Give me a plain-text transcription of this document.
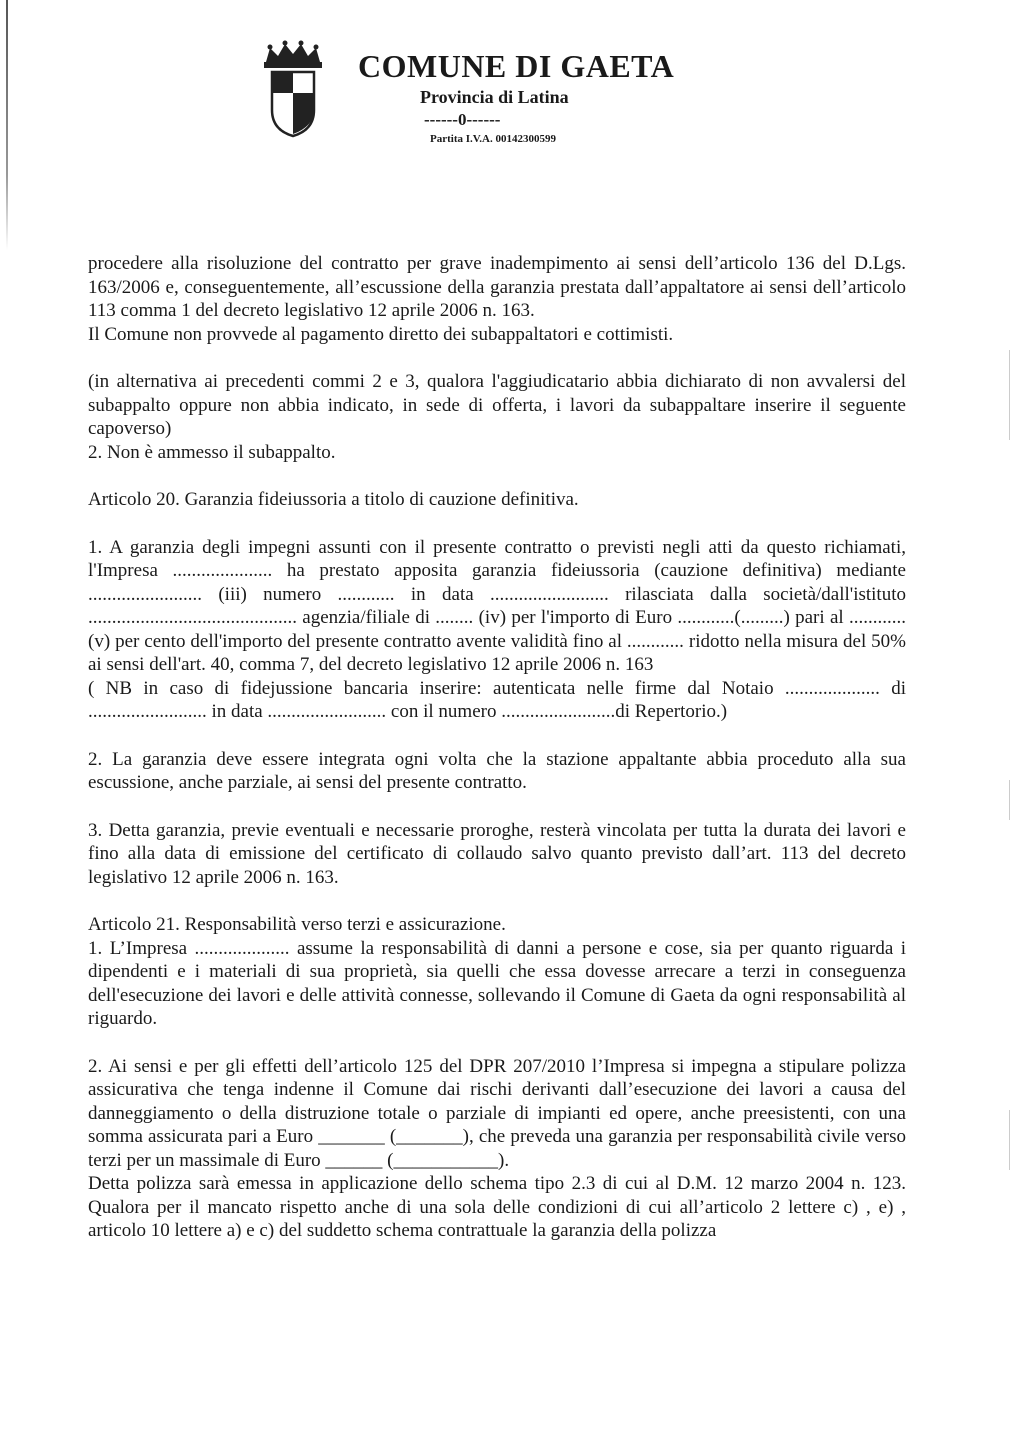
COMUNE DI GAETA
Provincia di Latina
------0------
Partita I.V.A. 00142300599

procedere alla risoluzione del contratto per grave inadempimento ai sensi dell’articolo 136 del D.Lgs. 163/2006 e, conseguentemente, all’escussione della garanzia prestata dall’appaltatore ai sensi dell’articolo 113 comma 1 del decreto legislativo 12 aprile 2006 n. 163.

Il Comune non provvede al pagamento diretto dei subappaltatori e cottimisti.

(in alternativa ai precedenti commi 2 e 3, qualora l'aggiudicatario abbia dichiarato di non avvalersi del subappalto oppure non abbia indicato, in sede di offerta, i lavori da subappaltare inserire il seguente capoverso)

2. Non è ammesso il subappalto.

Articolo 20. Garanzia fideiussoria a titolo di cauzione definitiva.

1. A garanzia degli impegni assunti con il presente contratto o previsti negli atti da questo richiamati, l'Impresa ..................... ha prestato apposita garanzia fideiussoria (cauzione definitiva) mediante ........................ (iii) numero ............ in data ......................... rilasciata dalla società/dall'istituto ............................................ agenzia/filiale di ........ (iv) per l'importo di Euro ............(.........) pari al ............ (v) per cento dell'importo del presente contratto avente validità fino al ............ ridotto nella misura del 50% ai sensi dell'art. 40, comma 7, del decreto legislativo 12 aprile 2006 n. 163

( NB in caso di fidejussione bancaria inserire: autenticata nelle firme dal Notaio .................... di ......................... in data ......................... con il numero ........................di Repertorio.)

2. La garanzia deve essere integrata ogni volta che la stazione appaltante abbia proceduto alla sua escussione, anche parziale, ai sensi del presente contratto.

3. Detta garanzia, previe eventuali e necessarie proroghe, resterà vincolata per tutta la durata dei lavori e fino alla data di emissione del certificato di collaudo salvo quanto previsto dall’art. 113 del decreto legislativo 12 aprile 2006 n. 163.

Articolo 21. Responsabilità verso terzi e assicurazione.

1. L’Impresa .................... assume la responsabilità di danni a persone e cose, sia per quanto riguarda i dipendenti e i materiali di sua proprietà, sia quelli che essa dovesse arrecare a terzi in conseguenza dell'esecuzione dei lavori e delle attività connesse, sollevando il Comune di Gaeta da ogni responsabilità al riguardo.

2. Ai sensi e per gli effetti dell’articolo 125 del DPR 207/2010 l’Impresa si impegna a stipulare polizza assicurativa che tenga indenne il Comune dai rischi derivanti dall’esecuzione dei lavori a causa del danneggiamento o della distruzione totale o parziale di impianti ed opere, anche preesistenti, con una somma assicurata pari a Euro _______ (_______), che preveda una garanzia per responsabilità civile verso terzi per un massimale di Euro ______ (___________).

Detta polizza sarà emessa in applicazione dello schema tipo 2.3 di cui al D.M. 12 marzo 2004 n. 123. Qualora per il mancato rispetto anche di una sola delle condizioni di cui all’articolo 2 lettere c) , e) , articolo 10 lettere a) e c) del suddetto schema contrattuale la garanzia della polizza
